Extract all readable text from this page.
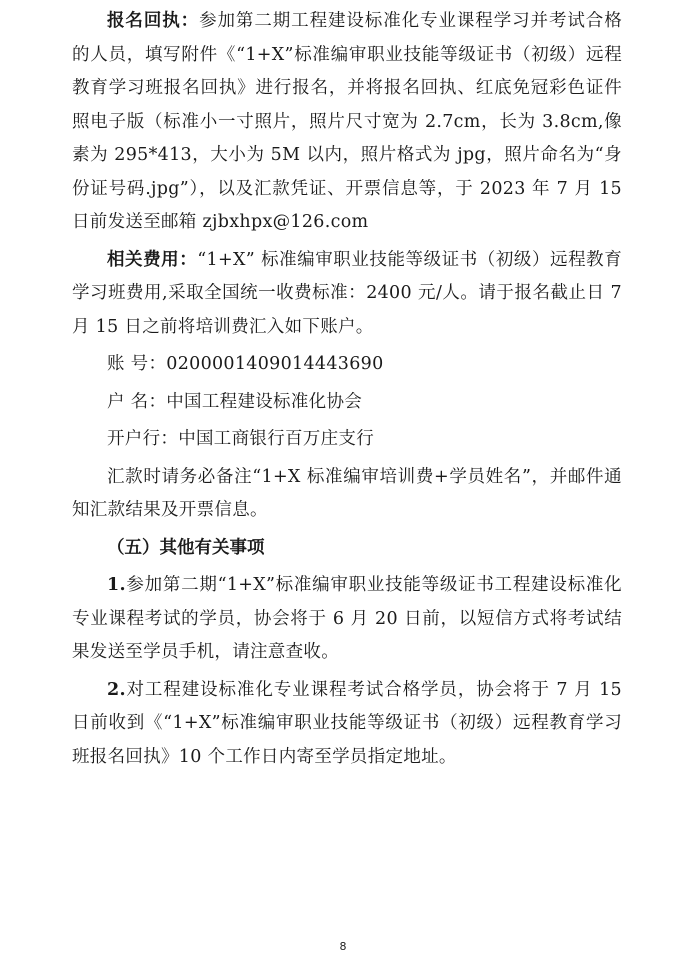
报名回执：参加第二期工程建设标准化专业课程学习并考试合格的人员，填写附件《“1+X”标准编审职业技能等级证书（初级）远程教育学习班报名回执》进行报名，并将报名回执、红底免冠彩色证件照电子版（标准小一寸照片，照片尺寸宽为 2.7cm，长为 3.8cm,像素为 295*413，大小为 5M 以内，照片格式为 jpg，照片命名为“身份证号码.jpg”），以及汇款凭证、开票信息等，于 2023 年 7 月 15 日前发送至邮箱 zjbxhpx@126.com

相关费用：“1+X” 标准编审职业技能等级证书（初级）远程教育学习班费用,采取全国统一收费标准：2400 元/人。请于报名截止日 7 月 15 日之前将培训费汇入如下账户。

账 号：0200001409014443690

户 名：中国工程建设标准化协会

开户行：中国工商银行百万庄支行

汇款时请务必备注“1+X 标准编审培训费+学员姓名”，并邮件通知汇款结果及开票信息。

（五）其他有关事项

1.参加第二期“1+X”标准编审职业技能等级证书工程建设标准化专业课程考试的学员，协会将于 6 月 20 日前，以短信方式将考试结果发送至学员手机，请注意查收。

2.对工程建设标准化专业课程考试合格学员，协会将于 7 月 15 日前收到《“1+X”标准编审职业技能等级证书（初级）远程教育学习班报名回执》10 个工作日内寄至学员指定地址。

8
